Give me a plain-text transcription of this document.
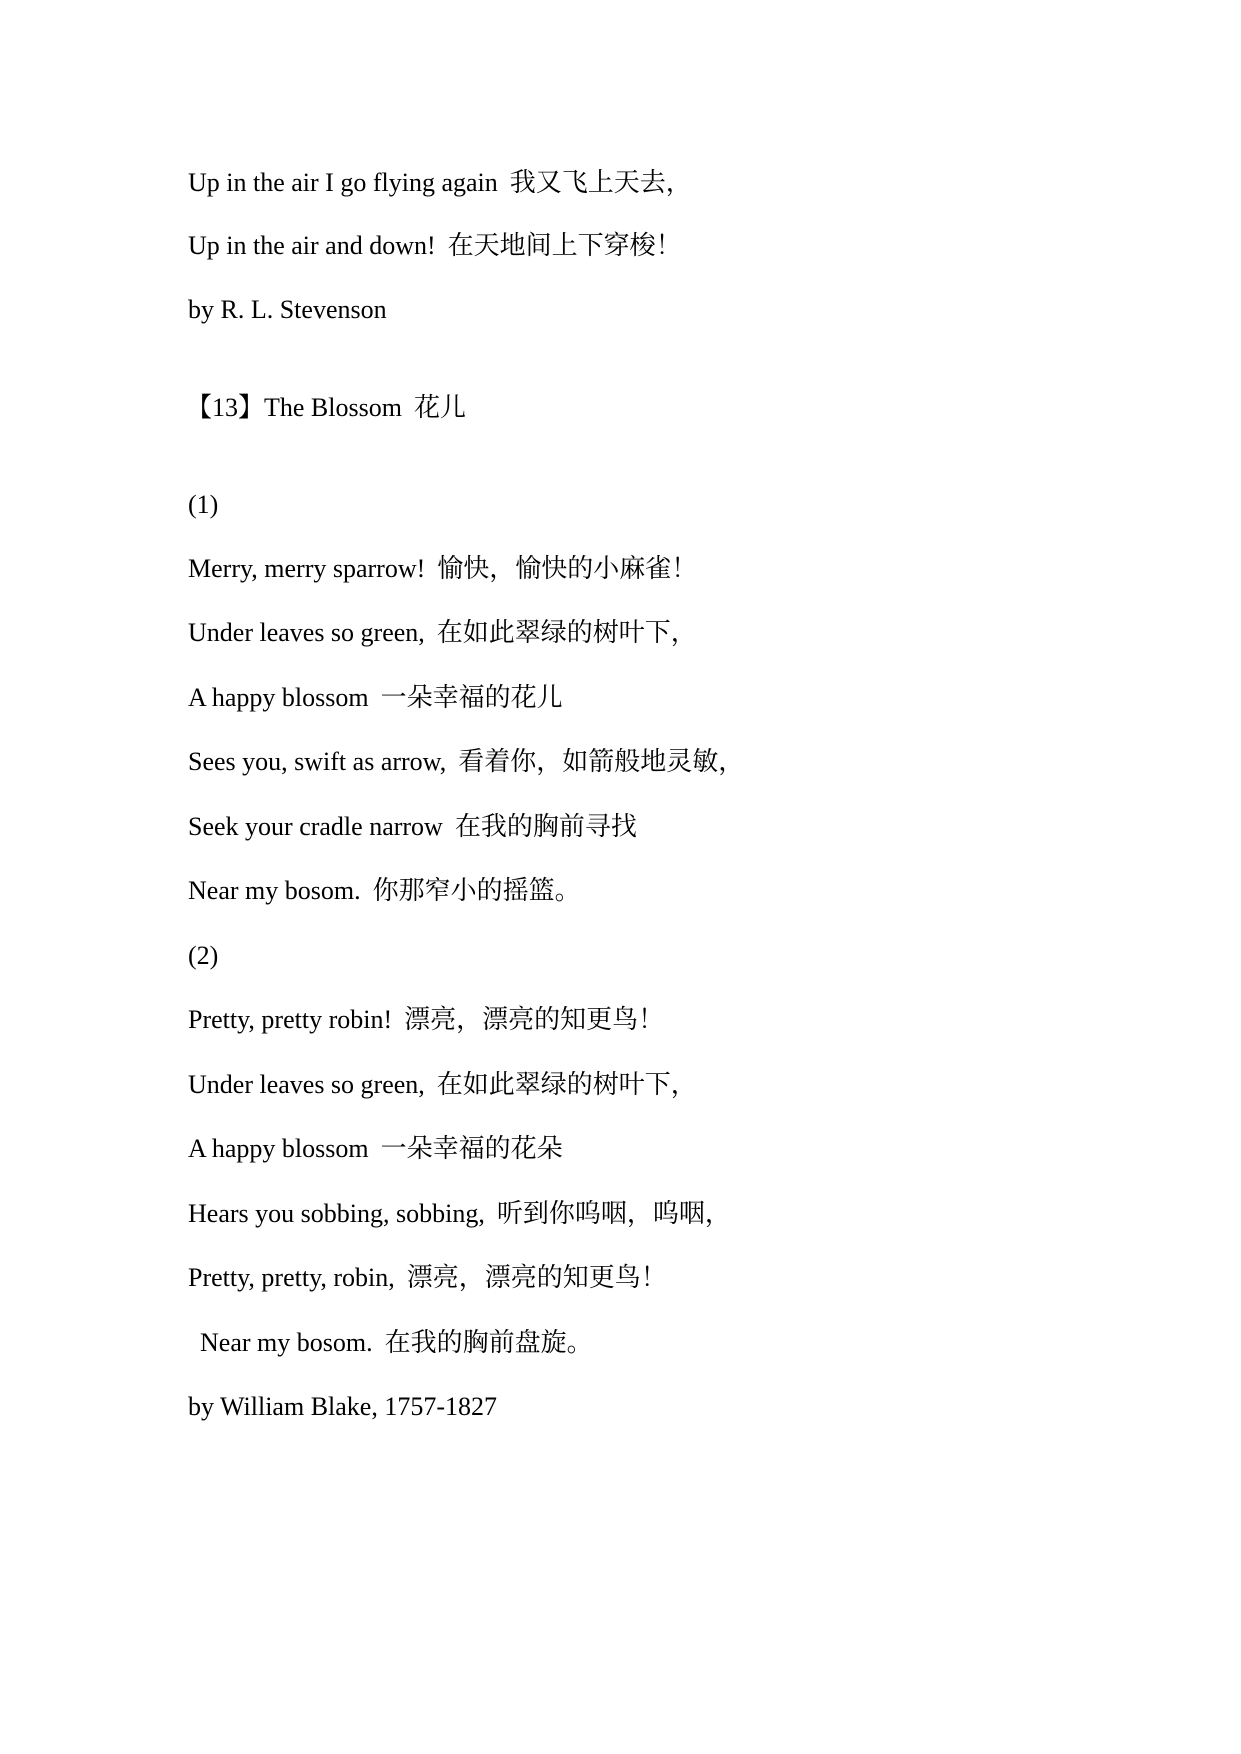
Up in the air I go flying again 我又飞上天去，
Up in the air and down! 在天地间上下穿梭！
by R. L. Stevenson
【13】The Blossom 花儿
(1)
Merry, merry sparrow! 愉快，愉快的小麻雀！
Under leaves so green, 在如此翠绿的树叶下，
A happy blossom 一朵幸福的花儿
Sees you, swift as arrow, 看着你，如箭般地灵敏，
Seek your cradle narrow 在我的胸前寻找
Near my bosom. 你那窄小的摇篮。
(2)
Pretty, pretty robin! 漂亮，漂亮的知更鸟！
Under leaves so green, 在如此翠绿的树叶下，
A happy blossom 一朵幸福的花朵
Hears you sobbing, sobbing, 听到你呜咽，呜咽，
Pretty, pretty, robin, 漂亮，漂亮的知更鸟！
Near my bosom. 在我的胸前盘旋。
by William Blake, 1757-1827
